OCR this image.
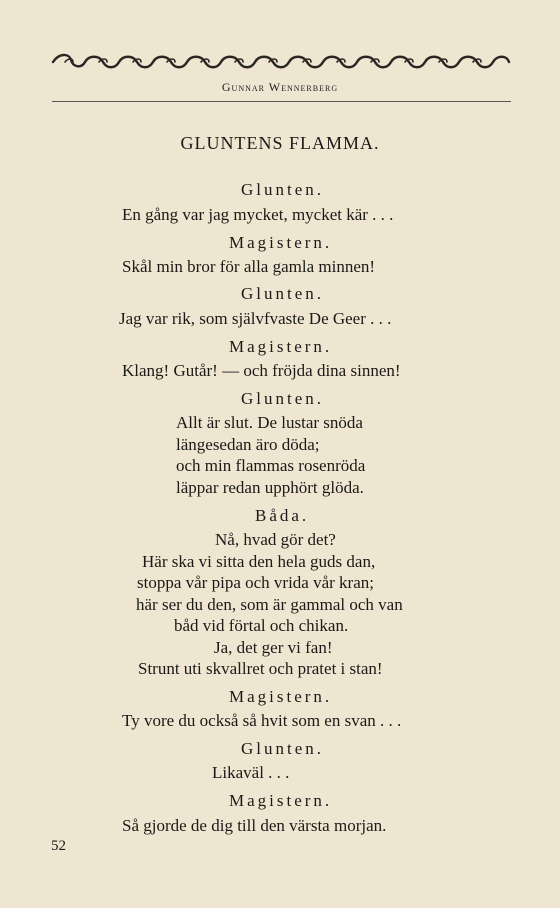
Gunnar Wennerberg
GLUNTENS FLAMMA.
Glunten.
En gång var jag mycket, mycket kär . . .
Magistern.
Skål min bror för alla gamla minnen!
Glunten.
Jag var rik, som självfvaste De Geer . . .
Magistern.
Klang! Gutår! — och fröjda dina sinnen!
Glunten.
Allt är slut. De lustar snöda
längesedan äro döda;
och min flammas rosenröda
läppar redan upphört glöda.
Båda.
Nå, hvad gör det?
Här ska vi sitta den hela guds dan,
stoppa vår pipa och vrida vår kran;
här ser du den, som är gammal och van
båd vid förtal och chikan.
Ja, det ger vi fan!
Strunt uti skvallret och pratet i stan!
Magistern.
Ty vore du också så hvit som en svan . . .
Glunten.
Likaväl . . .
Magistern.
Så gjorde de dig till den värsta morjan.
52
